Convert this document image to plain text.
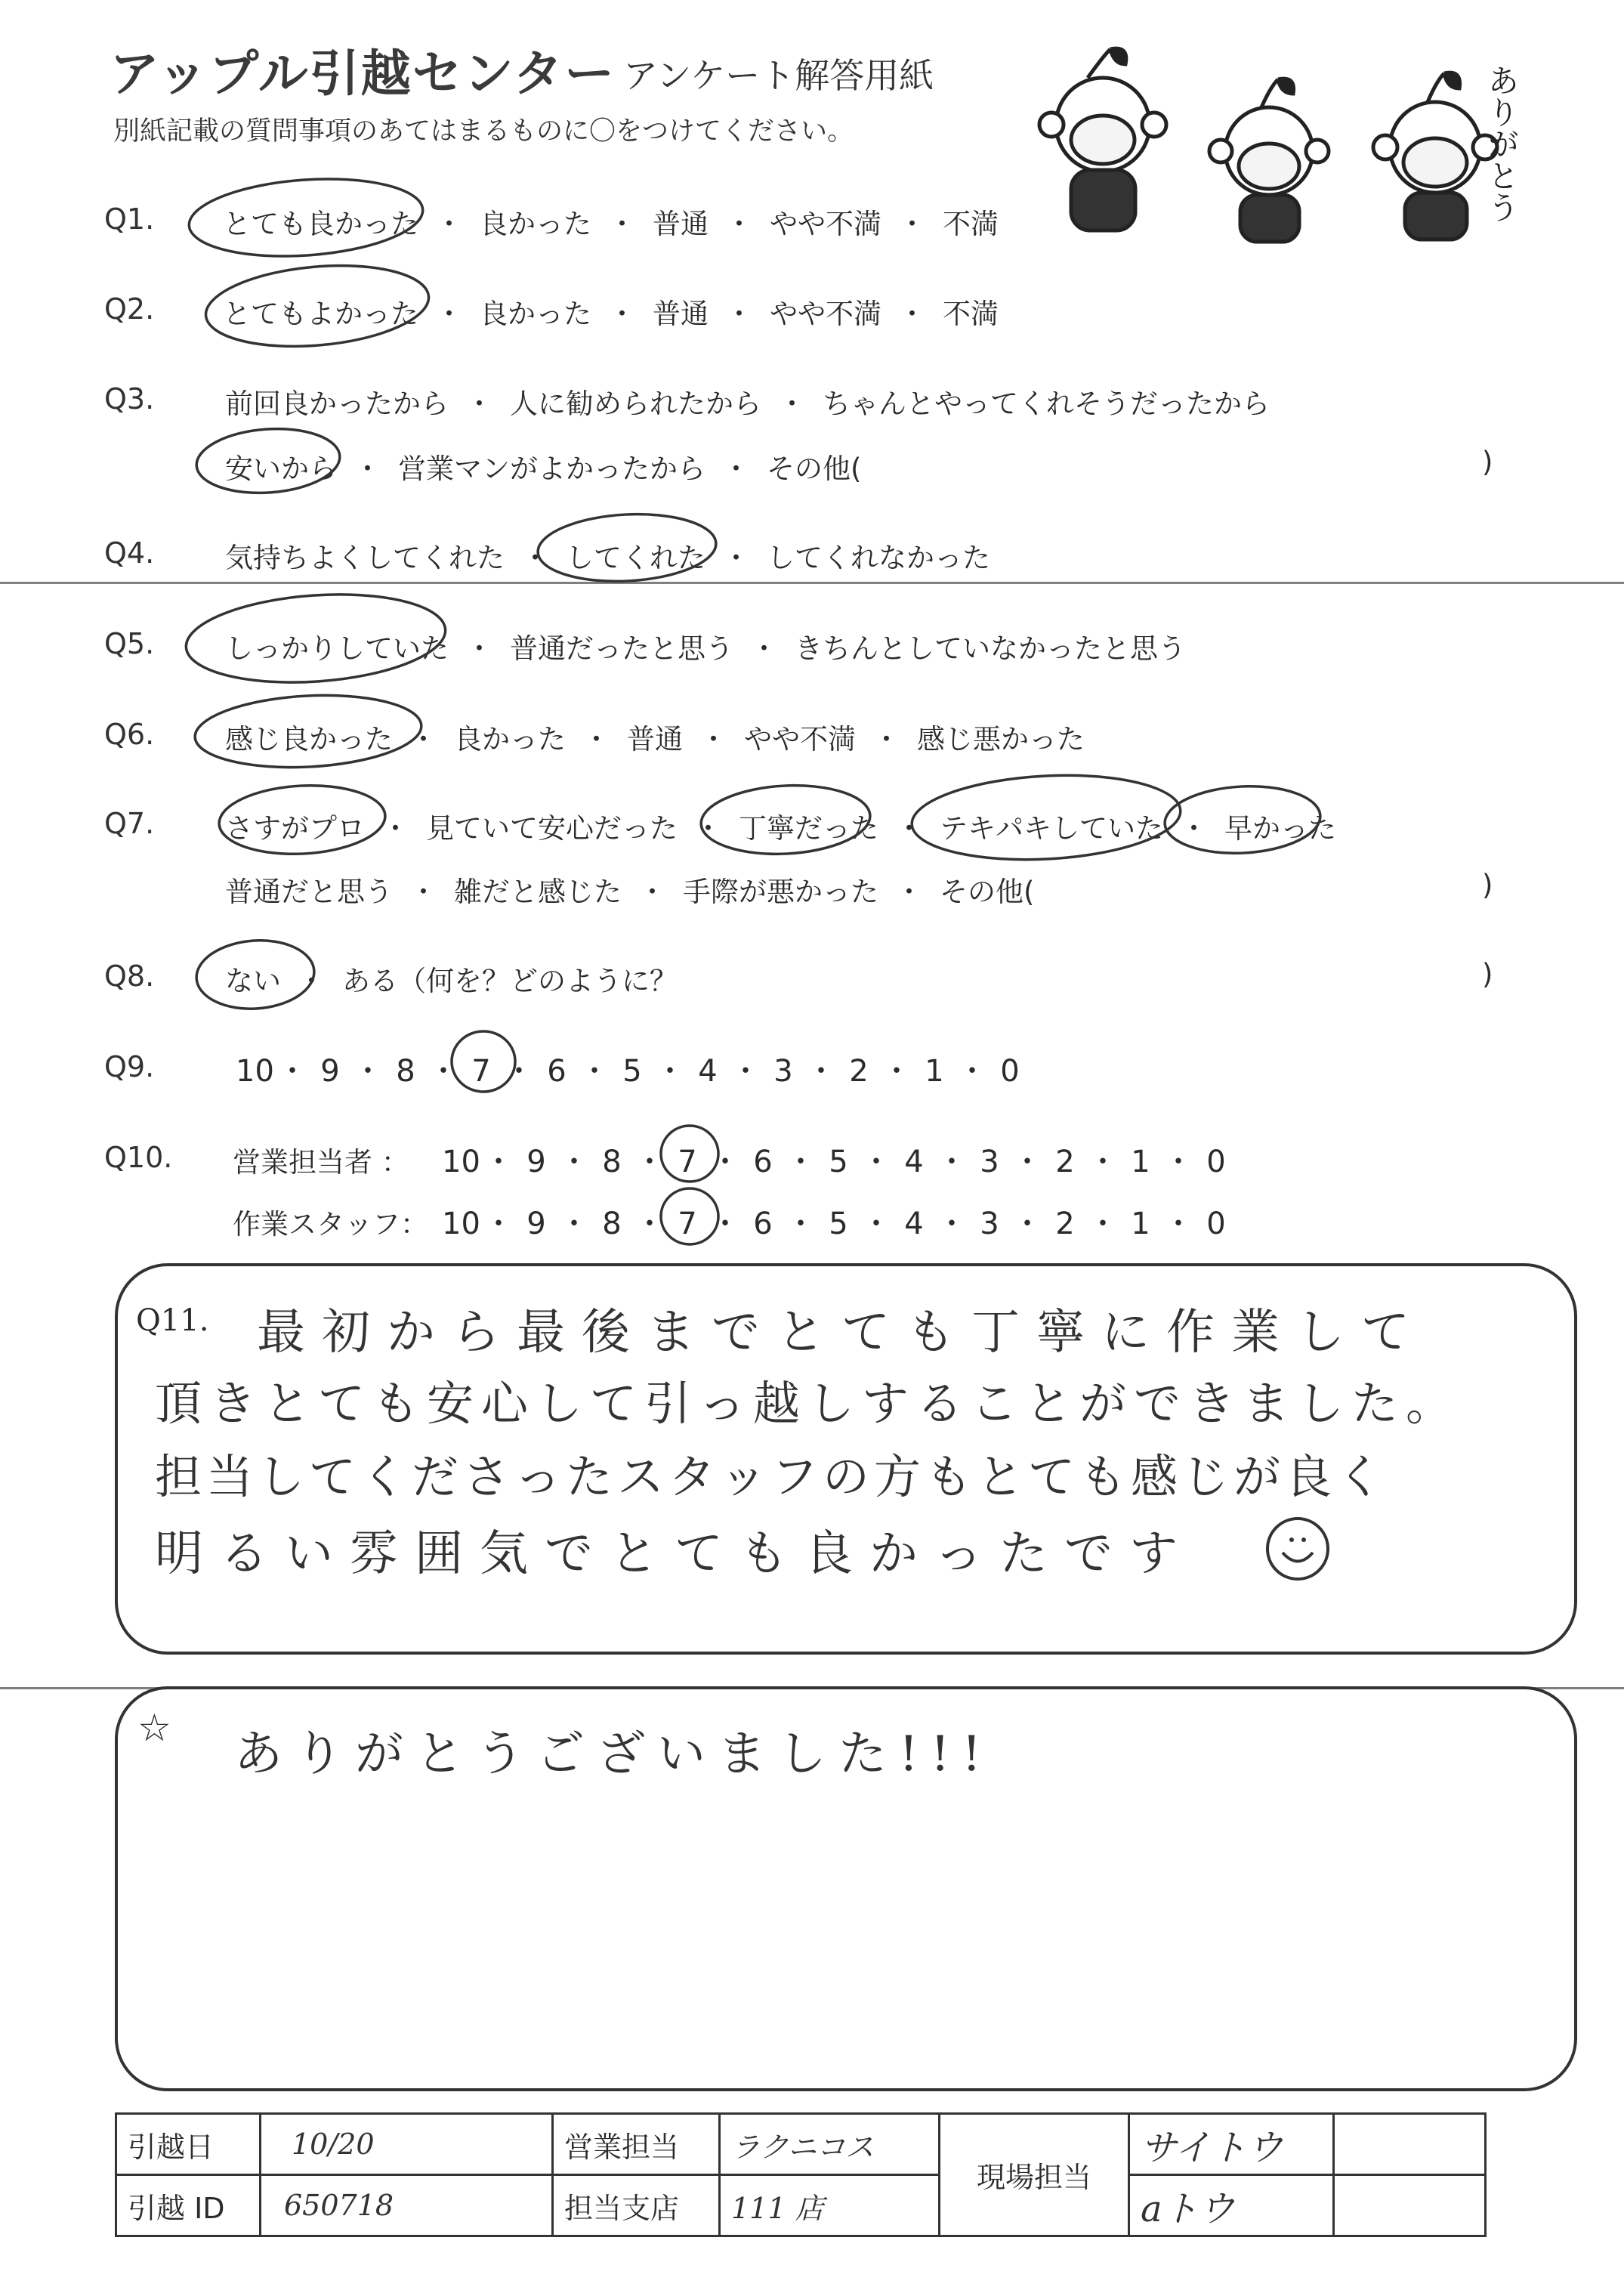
アップル引越センター アンケート解答用紙
別紙記載の質問事項のあてはまるものに〇をつけてください。	ありがとう
Q1. とても良かった ・ 良かった ・ 普通 ・ やや不満 ・ 不満
Q2. とてもよかった ・ 良かった ・ 普通 ・ やや不満 ・ 不満
Q3.	前回良かったから ・ 人に勧められたから ・ ちゃんとやってくれそうだったから
安いから ・ 営業マンがよかったから ・ その他(	)
Q4.	気持ちよくしてくれた ・ してくれた ・ してくれなかった
Q5.	しっかりしていた ・ 普通だったと思う ・ きちんとしていなかったと思う
Q6.	感じ良かった ・ 良かった ・ 普通 ・ やや不満 ・ 感じ悪かった
Q7.	さすがプロ ・ 見ていて安心だった ・ 丁寧だった ・ テキパキしていた ・ 早かった
普通だと思う ・ 雑だと感じた ・ 手際が悪かった ・ その他(	)
Q8.	ない ・ ある（何を？どのように？	)
Q9.	10 ・ 9 ・ 8 ・ 7 ・ 6 ・ 5 ・ 4 ・ 3 ・ 2 ・ 1 ・ 0
Q10. 営業担当者 ： 10 ・ 9 ・ 8 ・ 7 ・ 6 ・ 5 ・ 4 ・ 3 ・ 2 ・ 1 ・ 0
作業スタッフ： 10 ・ 9 ・ 8 ・ 7 ・ 6 ・ 5 ・ 4 ・ 3 ・ 2 ・ 1 ・ 0
Q11. 最初から最後までとても丁寧に作業して
頂きとても安心して引っ越しすることができました。
担当してくださったスタッフの方もとても感じが良く
明るい雰囲気でとても良かったです
☆ ありがとうございました!!!
引越日	10/20	営業担当	ラクニコス	現場担当	サイトウ	
引越 ID	650718	担当支店	111 店		aトウ	
